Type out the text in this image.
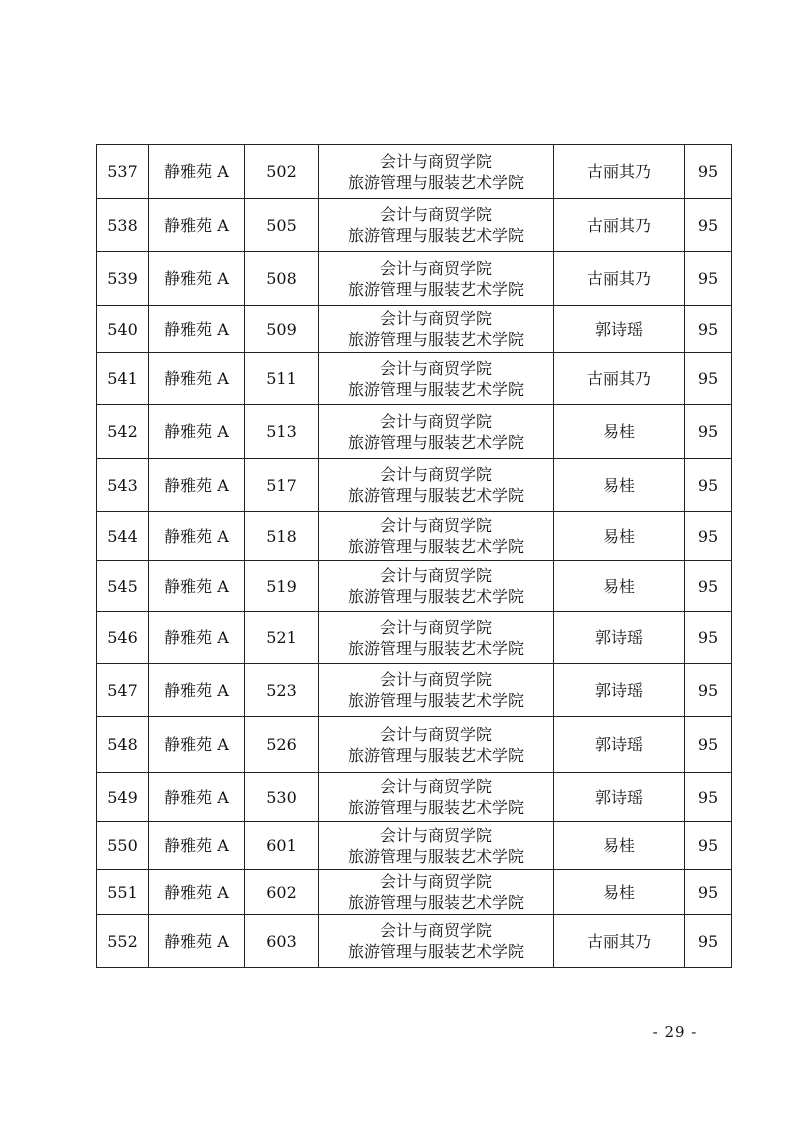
537	静雅苑 A	502	会计与商贸学院
旅游管理与服装艺术学院	古丽其乃	95
538	静雅苑 A	505	会计与商贸学院
旅游管理与服装艺术学院	古丽其乃	95
539	静雅苑 A	508	会计与商贸学院
旅游管理与服装艺术学院	古丽其乃	95
540	静雅苑 A	509	会计与商贸学院
旅游管理与服装艺术学院	郭诗瑶	95
541	静雅苑 A	511	会计与商贸学院
旅游管理与服装艺术学院	古丽其乃	95
542	静雅苑 A	513	会计与商贸学院
旅游管理与服装艺术学院	易桂	95
543	静雅苑 A	517	会计与商贸学院
旅游管理与服装艺术学院	易桂	95
544	静雅苑 A	518	会计与商贸学院
旅游管理与服装艺术学院	易桂	95
545	静雅苑 A	519	会计与商贸学院
旅游管理与服装艺术学院	易桂	95
546	静雅苑 A	521	会计与商贸学院
旅游管理与服装艺术学院	郭诗瑶	95
547	静雅苑 A	523	会计与商贸学院
旅游管理与服装艺术学院	郭诗瑶	95
548	静雅苑 A	526	会计与商贸学院
旅游管理与服装艺术学院	郭诗瑶	95
549	静雅苑 A	530	会计与商贸学院
旅游管理与服装艺术学院	郭诗瑶	95
550	静雅苑 A	601	会计与商贸学院
旅游管理与服装艺术学院	易桂	95
551	静雅苑 A	602	会计与商贸学院
旅游管理与服装艺术学院	易桂	95
552	静雅苑 A	603	会计与商贸学院
旅游管理与服装艺术学院	古丽其乃	95
- 29 -
